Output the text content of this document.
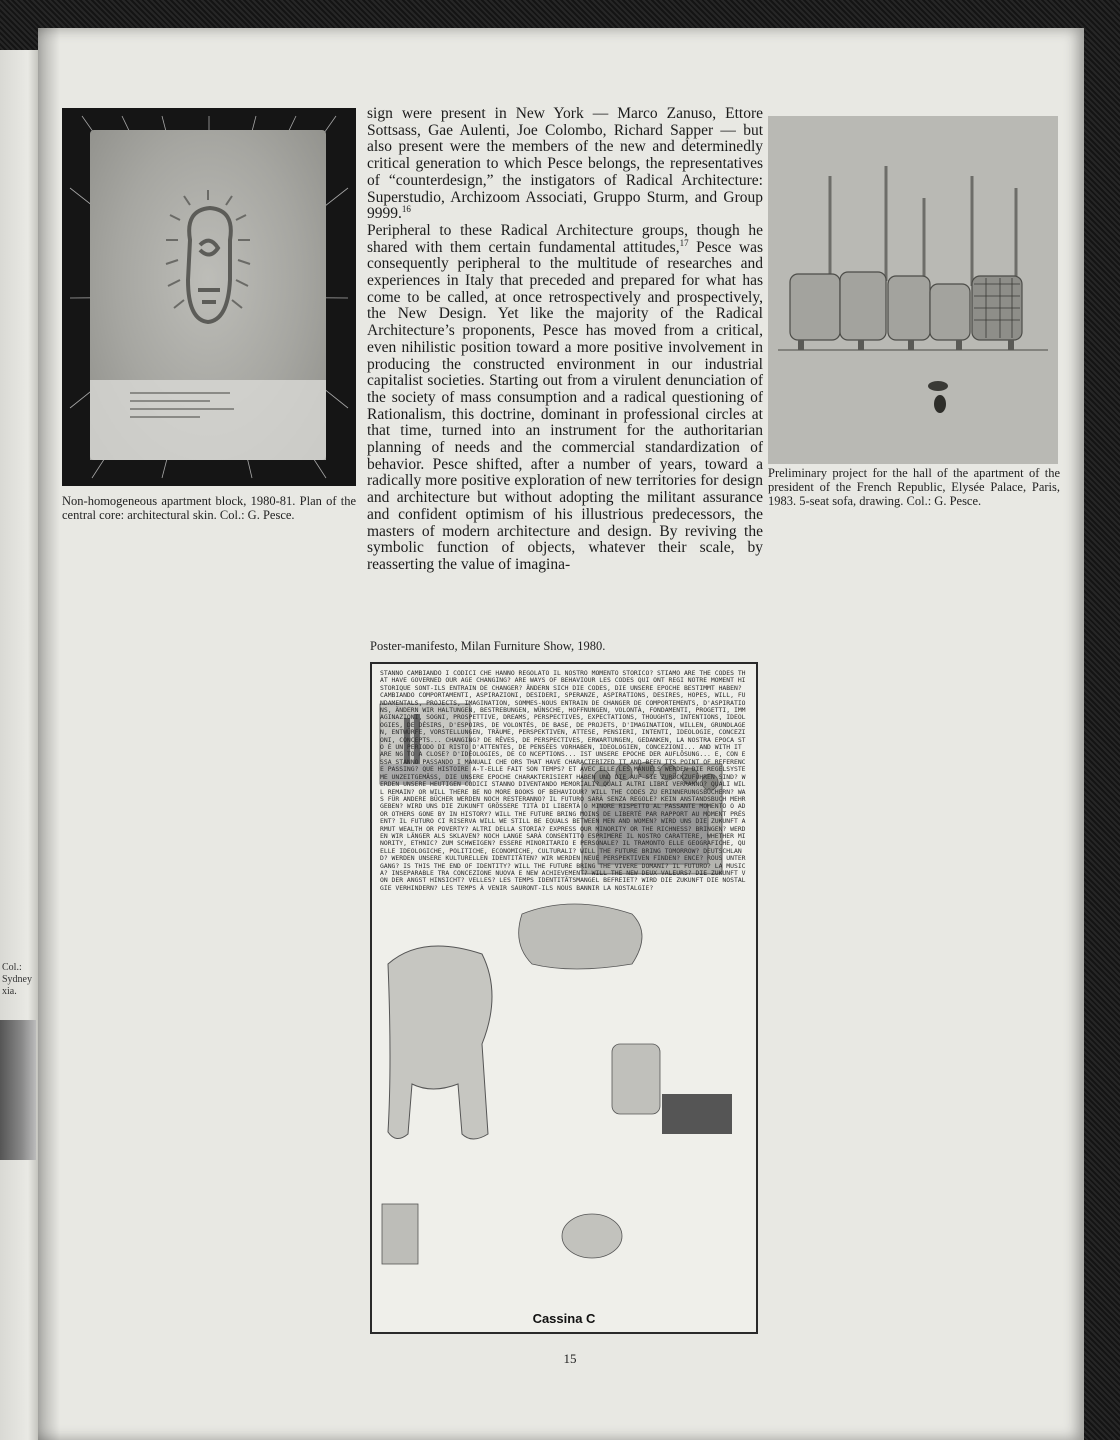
Col.: Sydney
xia.
Non-homogeneous apartment block, 1980-81. Plan of the central core: architectural skin. Col.: G. Pesce.
Preliminary project for the hall of the apartment of the president of the French Republic, Elysée Palace, Paris, 1983. 5-seat sofa, drawing. Col.: G. Pesce.

sign were present in New York — Marco Zanuso, Ettore Sottsass, Gae Aulenti, Joe Colombo, Richard Sapper — but also present were the members of the new and determinedly critical generation to which Pesce belongs, the representatives of “counterdesign,” the instigators of Radical Architecture: Superstudio, Archizoom Associati, Gruppo Sturm, and Group 9999.16

Peripheral to these Radical Architecture groups, though he shared with them certain fundamental attitudes,$^{17}$ Pesce was consequently peripheral to the multitude of researches and experiences in Italy that preceded and prepared for what has come to be called, at once retrospectively and prospectively, the New Design. Yet like the majority of the Radical Architecture’s proponents, Pesce has moved from a critical, even nihilistic position toward a more positive involvement in producing the constructed environment in our industrial capitalist societies. Starting out from a virulent denunciation of the society of mass consumption and a radical questioning of Rationalism, this doctrine, dominant in professional circles at that time, turned into an instrument for the authoritarian planning of needs and the commercial standardization of behavior. Pesce shifted, after a number of years, toward a radically more positive exploration of new territories for design and architecture but without adopting the militant assurance and confident optimism of his illustrious predecessors, the masters of modern architecture and design. By reviving the symbolic function of objects, whatever their scale, by reasserting the value of imagina-

Poster-manifesto, Milan Furniture Show, 1980.
STANNO CAMBIANDO I CODICI CHE HANNO REGOLATO IL NOSTRO MOMENTO STORICO? STIAMO ARE THE CODES THAT HAVE GOVERNED OUR AGE CHANGING? ARE WAYS OF BEHAVIOUR LES CODES QUI ONT REGI NOTRE MOMENT HISTORIQUE SONT-ILS ENTRAIN DE CHANGER? ÄNDERN SICH DIE CODES, DIE UNSERE EPOCHE BESTIMMT HABEN? CAMBIANDO COMPORTAMENTI, ASPIRAZIONI, DESIDERI, SPERANZE, ASPIRATIONS, DESIRES, HOPES, WILL, FUNDAMENTALS, PROJECTS, IMAGINATION, SOMMES-NOUS ENTRAIN DE CHANGER DE COMPORTEMENTS, D'ASPIRATIONS, ÄNDERN WIR HALTUNGEN, BESTREBUNGEN, WÜNSCHE, HOFFNUNGEN, VOLONTÀ, FONDAMENTI, PROGETTI, IMMAGINAZIONI, SOGNI, PROSPETTIVE, DREAMS, PERSPECTIVES, EXPECTATIONS, THOUGHTS, INTENTIONS, IDEOLOGIES, DE DÉSIRS, D'ESPOIRS, DE VOLONTÉS, DE BASE, DE PROJETS, D'IMAGINATION, WILLEN, GRUNDLAGEN, ENTWÜRFE, VORSTELLUNGEN, TRÄUME, PERSPEKTIVEN, ATTESE, PENSIERI, INTENTI, IDEOLOGIE, CONCEZIONI, CONCEPTS... CHANGING? DE RÊVES, DE PERSPECTIVES, ERWARTUNGEN, GEDANKEN, LA NOSTRA EPOCA STO È UN PERIODO DI RISTO D'ATTENTES, DE PENSÉES VORHABEN, IDEOLOGIEN, CONCEZIONI... AND WITH IT ARE NG TO A CLOSE? D'IDÉOLOGIES, DE CO NCEPTIONS... IST UNSERE EPOCHE DER AUFLÖSUNG... E, CON ESSA STANNO PASSANDO I MANUALI CHE ORS THAT HAVE CHARACTERIZED IT AND BEEN ITS POINT OF REFERENCE PASSING? QUE HISTOIRE A-T-ELLE FAIT SON TEMPS? ET AVEC ELLE LES MANUELS WERDEN DIE REGELSYSTEME UNZEITGEMÄSS, DIE UNSERE EPOCHE CHARAKTERISIERT HABEN UND DIE AUF SIE ZURÜCKZUFÜHREN SIND? WERDEN UNSERE HEUTIGEN CODICI STANNO DIVENTANDO MEMORIALI? QUALI ALTRI LIBRI VERRANNO? QUALI WILL REMAIN? OR WILL THERE BE NO MORE BOOKS OF BEHAVIOUR? WILL THE CODES ZU ERINNERUNGSBÜCHERN? WAS FÜR ANDERE BÜCHER WERDEN NOCH RESTERANNO? IL FUTURO SARÀ SENZA REGOLE? KEIN ANSTANDSBUCH MEHR GEBEN? WIRD UNS DIE ZUKUNFT GRÖSSERE TITÀ DI LIBERTÀ O MINORE RISPETTO AL PASSANTE MOMENTO O AD OR OTHERS GONE BY IN HISTORY? WILL THE FUTURE BRING MOINS DE LIBERTÉ PAR RAPPORT AU MOMENT PRÉSENT? IL FUTURO CI RISERVA WILL WE STILL BE EQUALS BETWEEN MEN AND WOMEN? WIRD UNS DIE ZUKUNFT ARMUT WEALTH OR POVERTY? ALTRI DELLA STORIA? EXPRESS OUR MINORITY OR THE RICHNESS? BRINGEN? WERDEN WIR LÄNGER ALS SKLAVEN? NOCH LANGE SARÀ CONSENTITO ESPRIMERE IL NOSTRO CARATTERE, WHETHER MINORITY, ETHNIC? ZUM SCHWEIGEN? ESSERE MINORITARIO E PERSONALE? IL TRAMONTO ELLE GEOGRAFICHE, QUELLE IDEOLOGICHE, POLITICHE, ECONOMICHE, CULTURALI? WILL THE FUTURE BRING TOMORROW? DEUTSCHLAND? WERDEN UNSERE KULTURELLEN IDENTITÄTEN? WIR WERDEN NEUE PERSPEKTIVEN FINDEN? ENCE? ROUS UNTERGANG? IS THIS THE END OF IDENTITY? WILL THE FUTURE BRING THE VIVERE DOMANI? IL FUTURO? LA MUSICA? INSEPARABLE TRA CONCEZIONE NUOVA E NEW ACHIEVEMENT? WILL THE NEW DEUX VALEURS? DIE ZUKUNFT VON DER ANGST HINSICHT? VELLES? LES TEMPS IDENTITÄTSMANGEL BEFREIET? WIRD DIE ZUKUNFT DIE NOSTALGIE VERHINDERN? LES TEMPS À VENIR SAURONT-ILS NOUS BANNIR LA NOSTALGIE?
Cassina C
15
